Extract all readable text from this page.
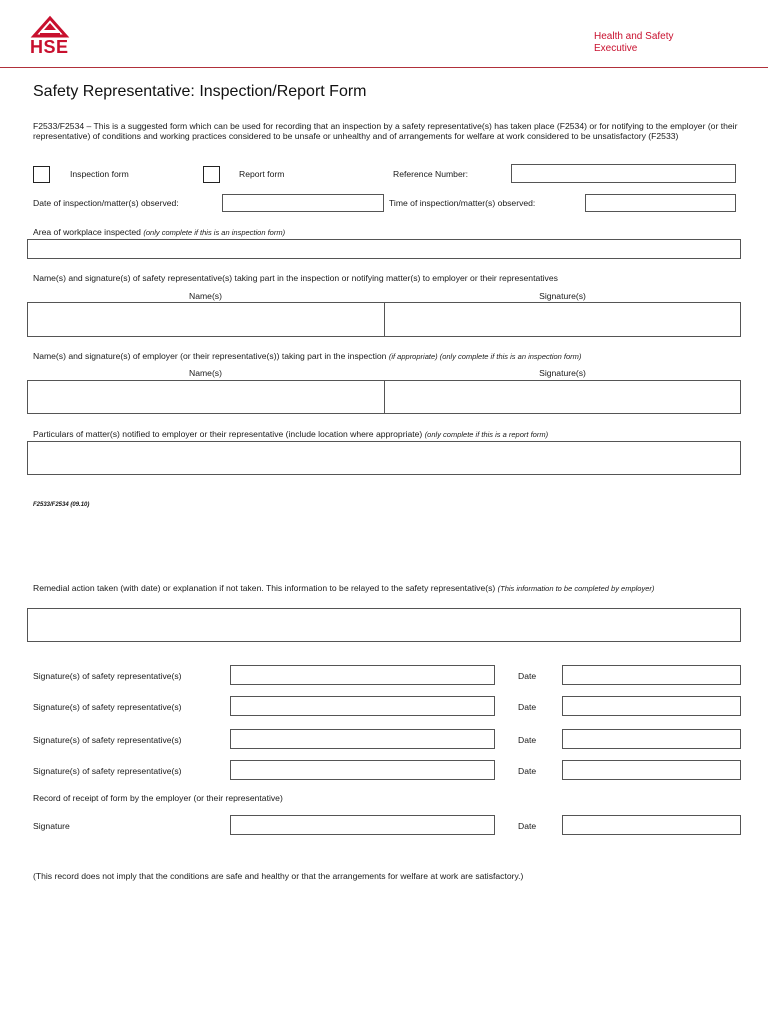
HSE
Health and Safety
Executive
Safety Representative: Inspection/Report Form
F2533/F2534 – This is a suggested form which can be used for recording that an inspection by a safety representative(s) has taken place (F2534) or for notifying to the employer (or their representative) of conditions and working practices considered to be unsafe or unhealthy and of arrangements for welfare at work considered to be unsatisfactory (F2533)
Inspection form	Report form	Reference Number:
Date of inspection/matter(s) observed:	Time of inspection/matter(s) observed:
Area of workplace inspected (only complete if this is an inspection form)
Name(s) and signature(s) of safety representative(s) taking part in the inspection or notifying matter(s) to employer or their representatives
Name(s)	Signature(s)
Name(s) and signature(s) of employer (or their representative(s)) taking part in the inspection (if appropriate) (only complete if this is an inspection form)
Name(s)	Signature(s)
Particulars of matter(s) notified to employer or their representative (include location where appropriate) (only complete if this is a report form)
F2533/F2534 (09.10)
Remedial action taken (with date) or explanation if not taken. This information to be relayed to the safety representative(s) (This information to be completed by employer)
Signature(s) of safety representative(s)	Date
Signature(s) of safety representative(s)	Date
Signature(s) of safety representative(s)	Date
Signature(s) of safety representative(s)	Date
Record of receipt of form by the employer (or their representative)
Signature	Date
(This record does not imply that the conditions are safe and healthy or that the arrangements for welfare at work are satisfactory.)
